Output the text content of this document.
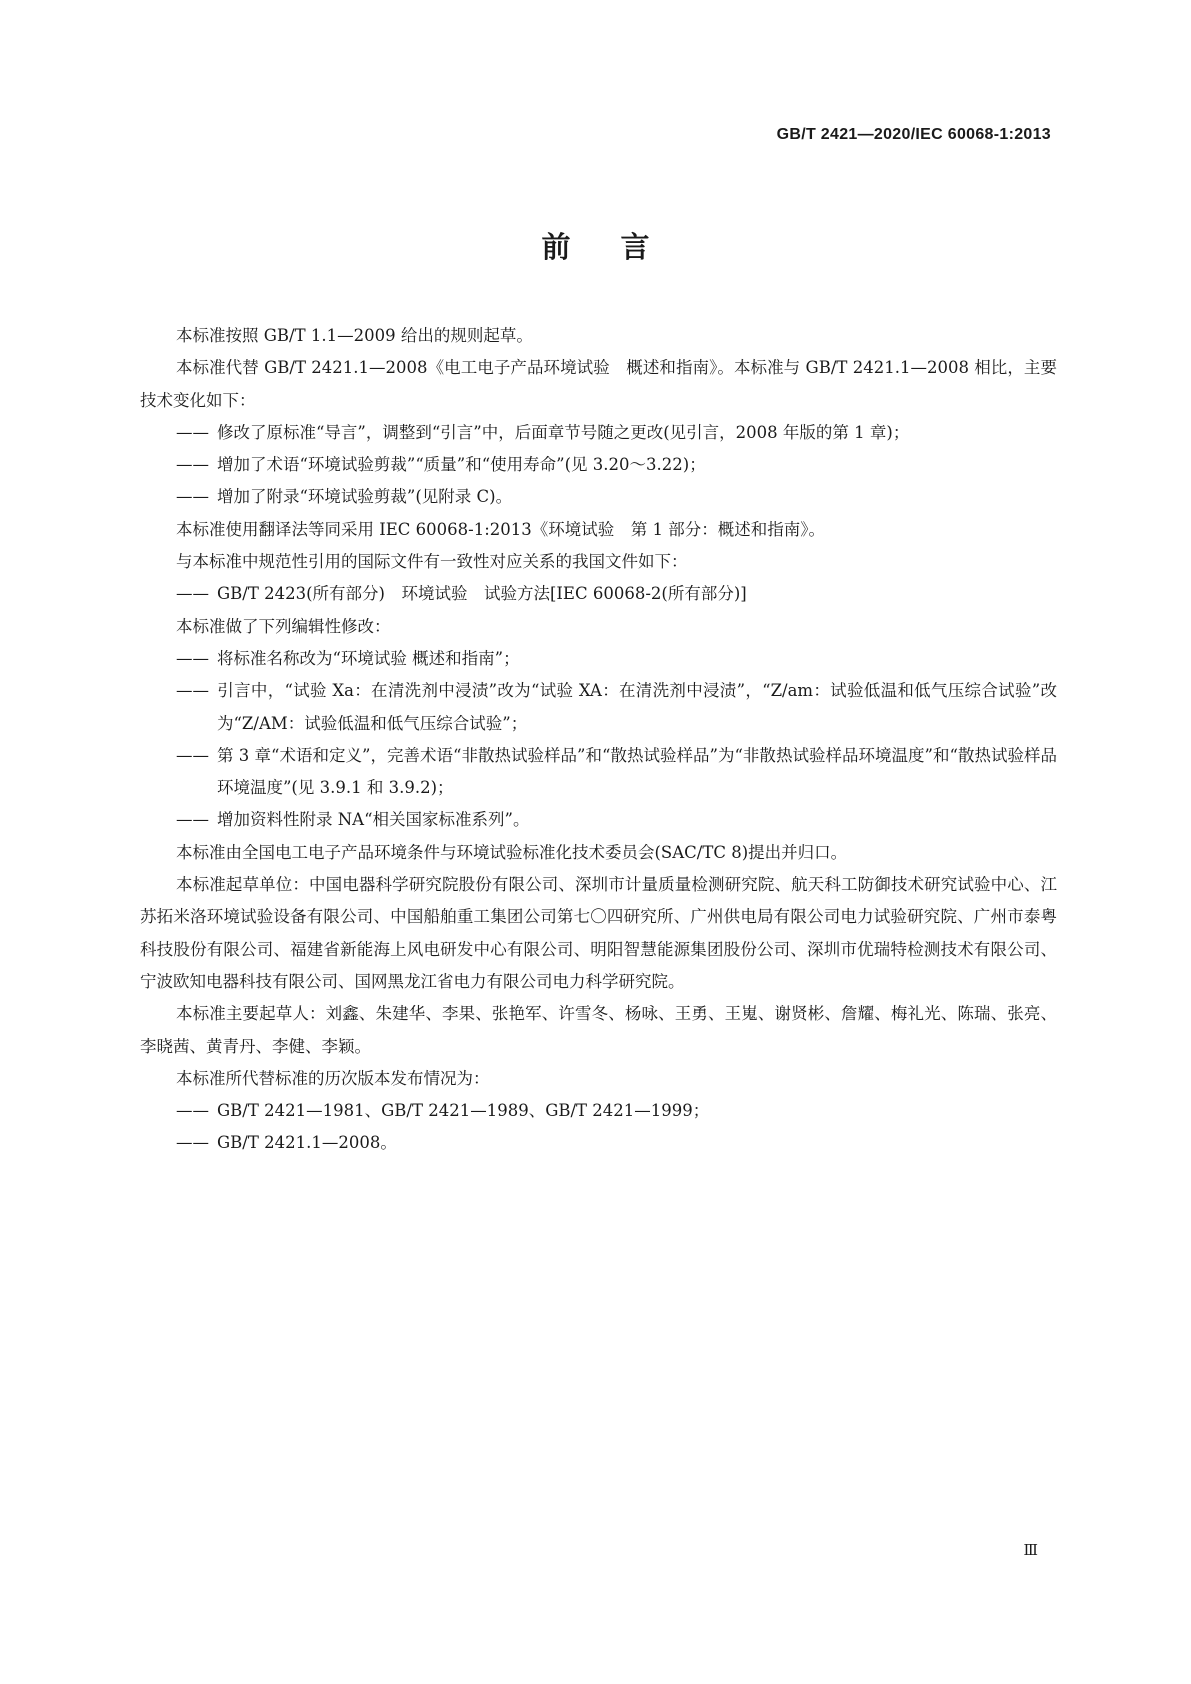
GB/T 2421—2020/IEC 60068-1:2013
前言

本标准按照 GB/T 1.1—2009 给出的规则起草。

本标准代替 GB/T 2421.1—2008《电工电子产品环境试验　概述和指南》。本标准与 GB/T 2421.1—2008 相比，主要技术变化如下：

—— 修改了原标准“导言”，调整到“引言”中，后面章节号随之更改(见引言，2008 年版的第 1 章)；

—— 增加了术语“环境试验剪裁”“质量”和“使用寿命”(见 3.20～3.22)；

—— 增加了附录“环境试验剪裁”(见附录 C)。

本标准使用翻译法等同采用 IEC 60068-1:2013《环境试验　第 1 部分：概述和指南》。

与本标准中规范性引用的国际文件有一致性对应关系的我国文件如下：

—— GB/T 2423(所有部分)　环境试验　试验方法[IEC 60068-2(所有部分)]

本标准做了下列编辑性修改：

—— 将标准名称改为“环境试验 概述和指南”；

—— 引言中，“试验 Xa：在清洗剂中浸渍”改为“试验 XA：在清洗剂中浸渍”，“Z/am：试验低温和低气压综合试验”改为“Z/AM：试验低温和低气压综合试验”；

—— 第 3 章“术语和定义”，完善术语“非散热试验样品”和“散热试验样品”为“非散热试验样品环境温度”和“散热试验样品环境温度”(见 3.9.1 和 3.9.2)；

—— 增加资料性附录 NA“相关国家标准系列”。

本标准由全国电工电子产品环境条件与环境试验标准化技术委员会(SAC/TC 8)提出并归口。

本标准起草单位：中国电器科学研究院股份有限公司、深圳市计量质量检测研究院、航天科工防御技术研究试验中心、江苏拓米洛环境试验设备有限公司、中国船舶重工集团公司第七〇四研究所、广州供电局有限公司电力试验研究院、广州市泰粤科技股份有限公司、福建省新能海上风电研发中心有限公司、明阳智慧能源集团股份公司、深圳市优瑞特检测技术有限公司、宁波欧知电器科技有限公司、国网黑龙江省电力有限公司电力科学研究院。

本标准主要起草人：刘鑫、朱建华、李果、张艳军、许雪冬、杨咏、王勇、王嵬、谢贤彬、詹耀、梅礼光、陈瑞、张亮、李晓茜、黄青丹、李健、李颖。

本标准所代替标准的历次版本发布情况为：

—— GB/T 2421—1981、GB/T 2421—1989、GB/T 2421—1999；

—— GB/T 2421.1—2008。

Ⅲ
